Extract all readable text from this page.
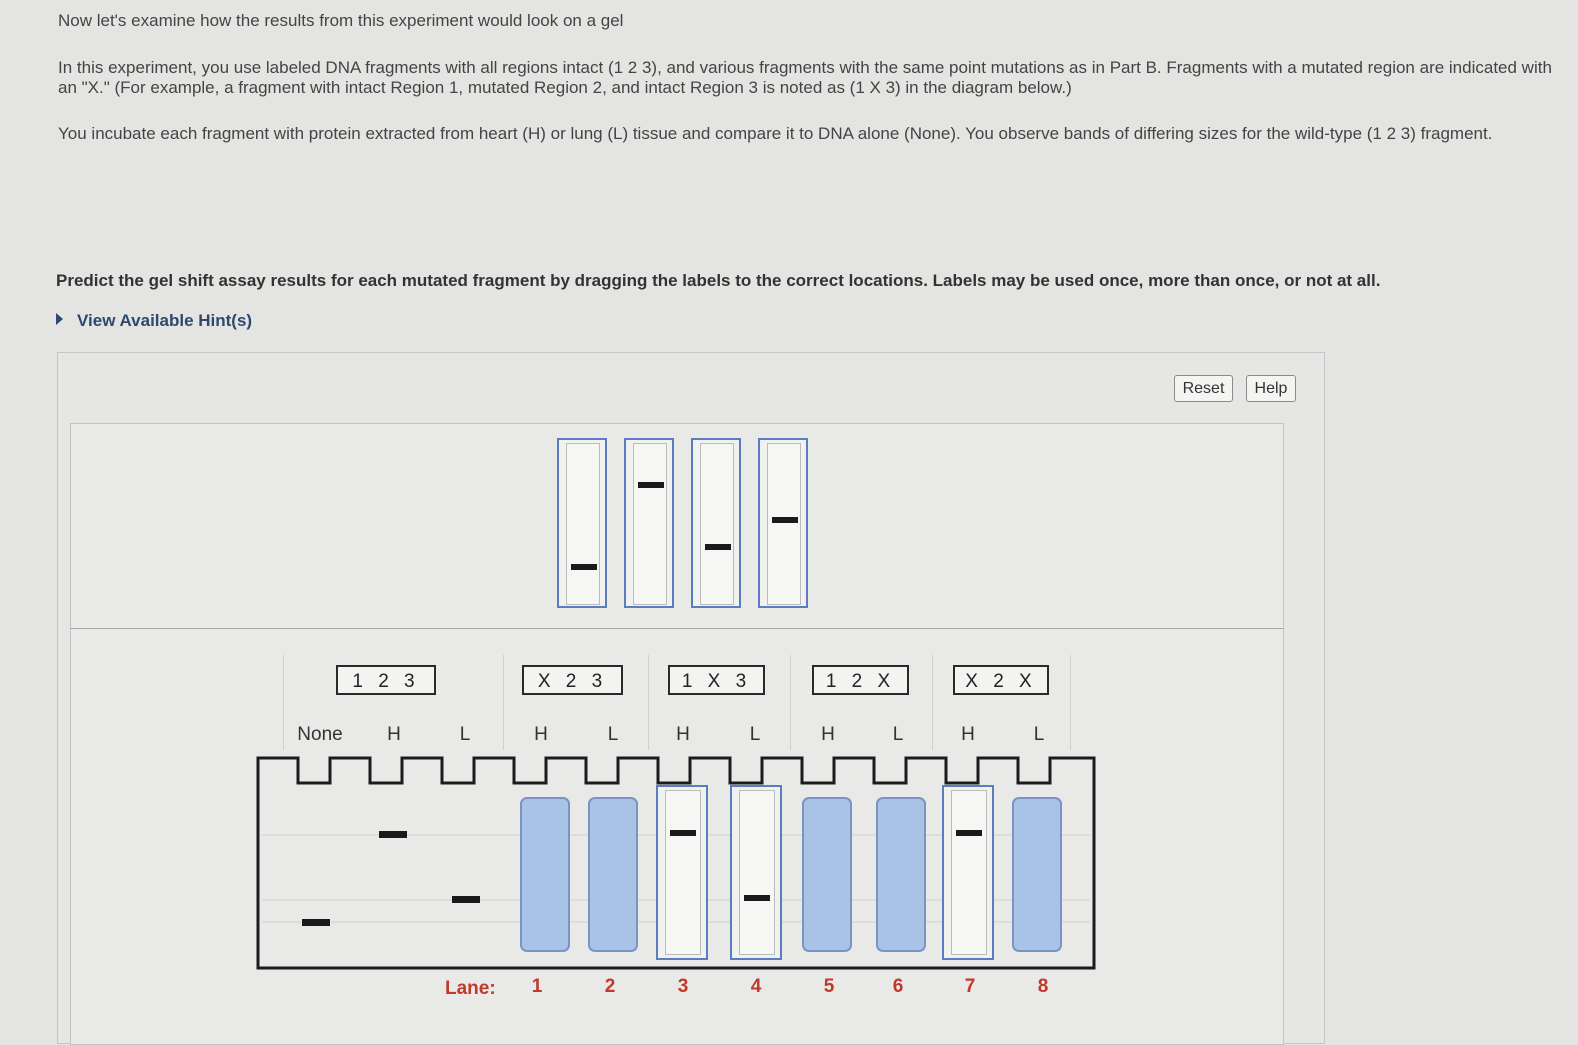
Now let's examine how the results from this experiment would look on a gel
In this experiment, you use labeled DNA fragments with all regions intact (1 2 3), and various fragments with the same point mutations as in Part B. Fragments with a mutated region are indicated with an "X." (For example, a fragment with intact Region 1, mutated Region 2, and intact Region 3 is noted as (1 X 3) in the diagram below.)
You incubate each fragment with protein extracted from heart (H) or lung (L) tissue and compare it to DNA alone (None). You observe bands of differing sizes for the wild-type (1 2 3) fragment.
Predict the gel shift assay results for each mutated fragment by dragging the labels to the correct locations. Labels may be used once, more than once, or not at all.
View Available Hint(s)
Reset	Help
1 2 3	X 2 3	1 X 3	1 2 X	X 2 X
None	H	L	H	L	H	L	H	L	H	L
Lane: 1	2	3	4	5	6	7	8
